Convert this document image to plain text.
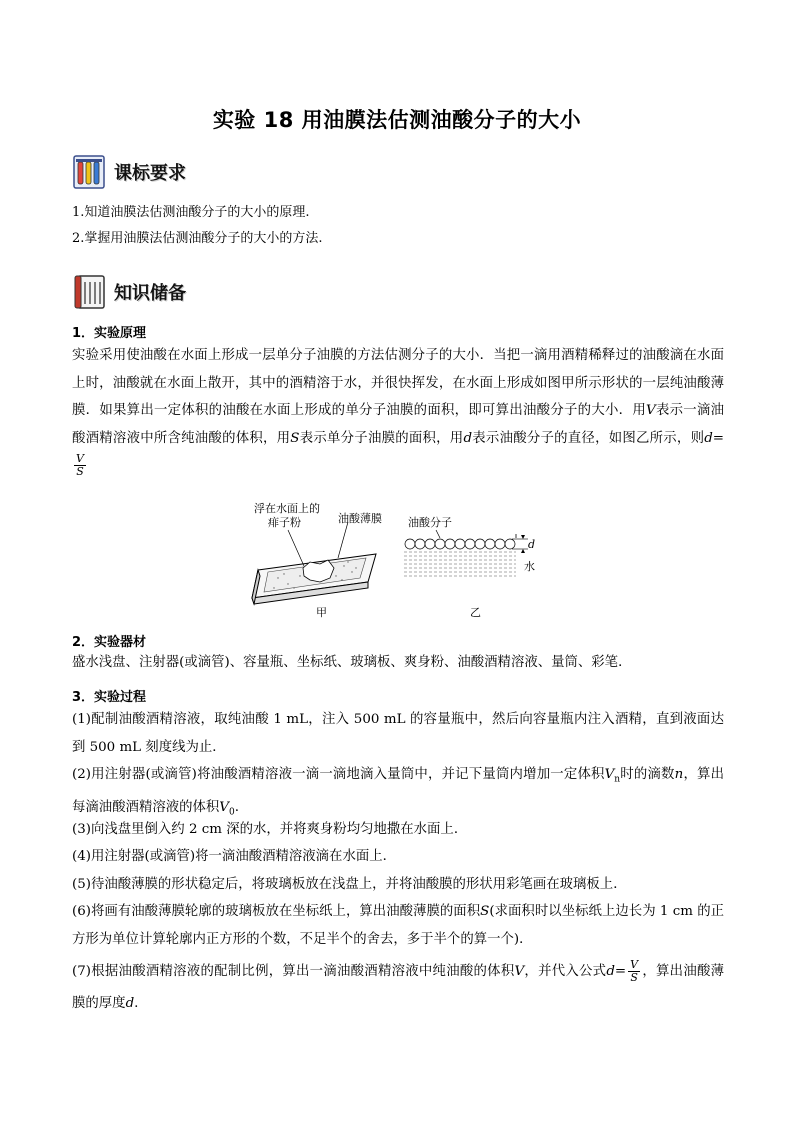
实验 18 用油膜法估测油酸分子的大小
课标要求
1.知道油膜法估测油酸分子的大小的原理.
2.掌握用油膜法估测油酸分子的大小的方法.
知识储备
1．实验原理

实验采用使油酸在水面上形成一层单分子油膜的方法估测分子的大小．当把一滴用酒精稀释过的油酸滴在水面上时，油酸就在水面上散开，其中的酒精溶于水，并很快挥发，在水面上形成如图甲所示形状的一层纯油酸薄膜．如果算出一定体积的油酸在水面上形成的单分子油膜的面积，即可算出油酸分子的大小．用V表示一滴油酸酒精溶液中所含纯油酸的体积，用S表示单分子油膜的面积，用d表示油酸分子的直径，如图乙所示，则d=
$\frac{V}{S}$

浮在水面上的
痱子粉	油酸薄膜 油酸分子
d
水
甲	乙
2．实验器材
盛水浅盘、注射器(或滴管)、容量瓶、坐标纸、玻璃板、爽身粉、油酸酒精溶液、量筒、彩笔．
3．实验过程
(1)配制油酸酒精溶液，取纯油酸 1 mL，注入 500 mL 的容量瓶中，然后向容量瓶内注入酒精，直到液面达到 500 mL 刻度线为止．

(2)用注射器(或滴管)将油酸酒精溶液一滴一滴地滴入量筒中，并记下量筒内增加一定体积$V_n$时的滴数n，算出每滴油酸酒精溶液的体积$V_0$.

(3)向浅盘里倒入约 2 cm 深的水，并将爽身粉均匀地撒在水面上．
(4)用注射器(或滴管)将一滴油酸酒精溶液滴在水面上．
(5)待油酸薄膜的形状稳定后，将玻璃板放在浅盘上，并将油酸膜的形状用彩笔画在玻璃板上．

(6)将画有油酸薄膜轮廓的玻璃板放在坐标纸上，算出油酸薄膜的面积S(求面积时以坐标纸上边长为 1 cm 的正方形为单位计算轮廓内正方形的个数，不足半个的舍去，多于半个的算一个)．

(7)根据油酸酒精溶液的配制比例，算出一滴油酸酒精溶液中纯油酸的体积V，并代入公式$d= \frac{V}{S}$ ，算出油酸薄膜的厚度d.
